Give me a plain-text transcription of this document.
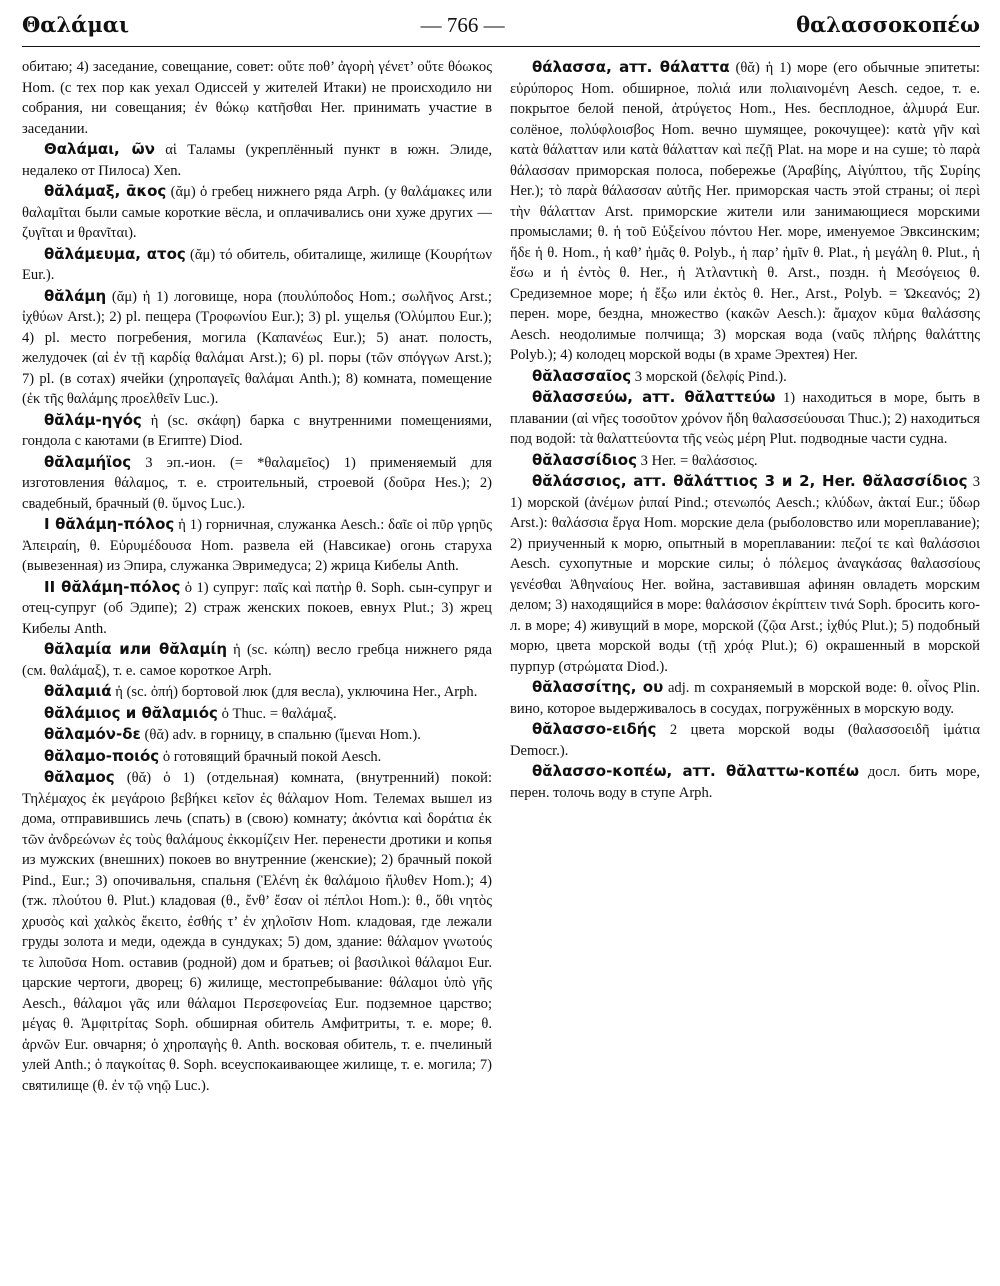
Θαλάμαι	— 766 —	θαλασσοκοπέω

обитаю; 4) заседание, совещание, совет: οὔτε ποθ’ ἀγορὴ γένετ’ οὔτε θόωκος Hom. (с тех пор как уехал Одиссей у жителей Итаки) не происходило ни собрания, ни совещания; ἐν θώκῳ κατῆσθαι Her. принимать участие в заседании.

Θαλάμαι, ῶν αἱ Таламы (укреплённый пункт в южн. Элиде, недалеко от Пилоса) Xen.

θᾰλάμαξ, ᾱκος (ᾰμ) ὁ гребец нижнего ряда Arph. (у θαλάμακες или θαλαμῖται были самые короткие вёсла, и оплачивались они хуже других — ζυγῖται и θρανῖται).

θᾰλάμευμα, ατος (ᾰμ) τό обитель, обиталище, жилище (Κουρήτων Eur.).

θᾰλάμη (ᾰμ) ἡ 1) логовище, нора (πουλύποδος Hom.; σωλῆνος Arst.; ἰχθύων Arst.); 2) pl. пещера (Τροφωνίου Eur.); 3) pl. ущелья (Ὀλύμπου Eur.); 4) pl. место погребения, могила (Καπανέως Eur.); 5) анат. полость, желудочек (αἱ ἐν τῇ καρδίᾳ θαλάμαι Arst.); 6) pl. поры (τῶν σπόγγων Arst.); 7) pl. (в сотах) ячейки (χηροπαγεῖς θαλάμαι Anth.); 8) комната, помещение (ἐκ τῆς θαλάμης προελθεῖν Luc.).

θᾰλάμ-ηγός ἡ (sc. σκάφη) барка с внутренними помещениями, гондола с каютами (в Египте) Diod.

θᾰλαμήϊος 3 эп.-ион. (= *θαλαμεῖος) 1) применяемый для изготовления θάλαμος, т. е. строительный, строевой (δοῦρα Hes.); 2) свадебный, брачный (θ. ὕμνος Luc.).

I θᾰλάμη-πόλος ἡ 1) горничная, служанка Aesch.: δαῖε οἱ πῦρ γρηῦς Ἀπειραίη, θ. Εὐρυμέδουσα Hom. развела ей (Навсикае) огонь старуха (вывезенная) из Эпира, служанка Эвримедуса; 2) жрица Кибелы Anth.

II θᾰλάμη-πόλος ὁ 1) супруг: παῖς καὶ πατὴρ θ. Soph. сын-супруг и отец-супруг (об Эдипе); 2) страж женских покоев, евнух Plut.; 3) жрец Кибелы Anth.

θᾰλαμία или θᾰλαμίη ἡ (sc. κώπη) весло гребца нижнего ряда (см. θαλάμαξ), т. е. самое короткое Arph.

θᾰλαμιά ἡ (sc. ὀπή) бортовой люк (для весла), уключина Her., Arph.

θᾰλάμιος и θᾰλαμιός ὁ Thuc. = θαλάμαξ.

θᾰλαμόν-δε (θᾰ) adv. в горницу, в спальню (ἴμεναι Hom.).

θᾰλαμο-ποιός ὁ готовящий брачный покой Aesch.

θᾰλαμος (θᾰ) ὁ 1) (отдельная) комната, (внутренний) покой: Τηλέμαχος ἐκ μεγάροιο βεβήκει κεῖον ἐς θάλαμον Hom. Телемах вышел из дома, отправившись лечь (спать) в (свою) комнату; ἀκόντια καὶ δοράτια ἐκ τῶν ἀνδρεώνων ἐς τοὺς θαλάμους ἐκκομίζειν Her. перенести дротики и копья из мужских (внешних) покоев во внутренние (женские); 2) брачный покой Pind., Eur.; 3) опочивальня, спальня (Ἑλένη ἐκ θαλάμοιο ἤλυθεν Hom.); 4) (тж. πλούτου θ. Plut.) кладовая (θ., ἔνθ’ ἔσαν οἱ πέπλοι Hom.): θ., ὅθι νητὸς χρυσὸς καὶ χαλκὸς ἔκειτο, ἐσθής τ’ ἐν χηλοῖσιν Hom. кладовая, где лежали груды золота и меди, одежда в сундуках; 5) дом, здание: θάλαμον γνωτούς τε λιποῦσα Hom. оставив (родной) дом и братьев; οἱ βασιλικοὶ θάλαμοι Eur. царские чертоги, дворец; 6) жилище, местопребывание: θάλαμοι ὑπὸ γῆς Aesch., θάλαμοι γᾶς или θάλαμοι Περσεφονείας Eur. подземное царство; μέγας θ. Ἀμφιτρίτας Soph. обширная обитель Амфитриты, т. е. море; θ. ἀρνῶν Eur. овчарня; ὁ χηροπαγὴς θ. Anth. восковая обитель, т. е. пчелиный улей Anth.; ὁ παγκοίτας θ. Soph. всеуспокаивающее жилище, т. е. могила; 7) святилище (θ. ἐν τῷ νηῷ Luc.).

θάλασσα, атт. θάλαττα (θᾰ) ἡ 1) море (его обычные эпитеты: εὐρύπορος Hom. обширное, πολιά или πολιαινομένη Aesch. седое, т. е. покрытое белой пеной, ἀτρύγετος Hom., Hes. бесплодное, ἁλμυρά Eur. солёное, πολύφλοισβος Hom. вечно шумящее, рокочущее): κατὰ γῆν καὶ κατὰ θάλατταν или κατὰ θάλατταν καὶ πεζῇ Plat. на море и на суше; τὸ παρὰ θάλασσαν приморская полоса, побережье (Ἀραβίης, Αἰγύπτου, τῆς Συρίης Her.); τὸ παρὰ θάλασσαν αὐτῆς Her. приморская часть этой страны; οἱ περὶ τὴν θάλατταν Arst. приморские жители или занимающиеся морскими промыслами; θ. ἡ τοῦ Εὐξείνου πόντου Her. море, именуемое Эвксинским; ἥδε ἡ θ. Hom., ἡ καθ’ ἡμᾶς θ. Polyb., ἡ παρ’ ἡμῖν θ. Plat., ἡ μεγάλη θ. Plut., ἡ ἔσω и ἡ ἐντὸς θ. Her., ἡ Ἀτλαντικὴ θ. Arst., поздн. ἡ Μεσόγειος θ. Средиземное море; ἡ ἔξω или ἐκτὸς θ. Her., Arst., Polyb. = Ὠκεανός; 2) перен. море, бездна, множество (κακῶν Aesch.): ἄμαχον κῦμα θαλάσσης Aesch. неодолимые полчища; 3) морская вода (ναῦς πλήρης θαλάττης Polyb.); 4) колодец морской воды (в храме Эрехтея) Her.

θᾰλασσαῖος 3 морской (δελφίς Pind.).

θᾰλασσεύω, атт. θᾰλαττεύω 1) находиться в море, быть в плавании (αἱ νῆες τοσοῦτον χρόνον ἤδη θαλασσεύουσαι Thuc.); 2) находиться под водой: τὰ θαλαττεύοντα τῆς νεὼς μέρη Plut. подводные части судна.

θᾰλασσίδιος 3 Her. = θαλάσσιος.

θᾰλάσσιος, атт. θᾰλάττιος 3 и 2, Her. θᾰλασσίδιος 3 1) морской (ἀνέμων ῥιπαί Pind.; στενωπός Aesch.; κλύδων, ἀκταί Eur.; ὕδωρ Arst.): θαλάσσια ἔργα Hom. морские дела (рыболовство или мореплавание); 2) приученный к морю, опытный в мореплавании: πεζοί τε καὶ θαλάσσιοι Aesch. сухопутные и морские силы; ὁ πόλεμος ἀναγκάσας θαλασσίους γενέσθαι Ἀθηναίους Her. война, заставившая афинян овладеть морским делом; 3) находящийся в море: θαλάσσιον ἐκρίπτειν τινά Soph. бросить кого-л. в море; 4) живущий в море, морской (ζῷα Arst.; ἰχθύς Plut.); 5) подобный морю, цвета морской воды (τῇ χρόᾳ Plut.); 6) окрашенный в морской пурпур (στρώματα Diod.).

θᾰλασσίτης, ου adj. m сохраняемый в морской воде: θ. οἶνος Plin. вино, которое выдерживалось в сосудах, погружённых в морскую воду.

θᾰλασσο-ειδής 2 цвета морской воды (θαλασσοειδῆ ἱμάτια Democr.).

θᾰλασσο-κοπέω, атт. θᾰλαττω-κοπέω досл. бить море, перен. толочь воду в ступе Arph.
